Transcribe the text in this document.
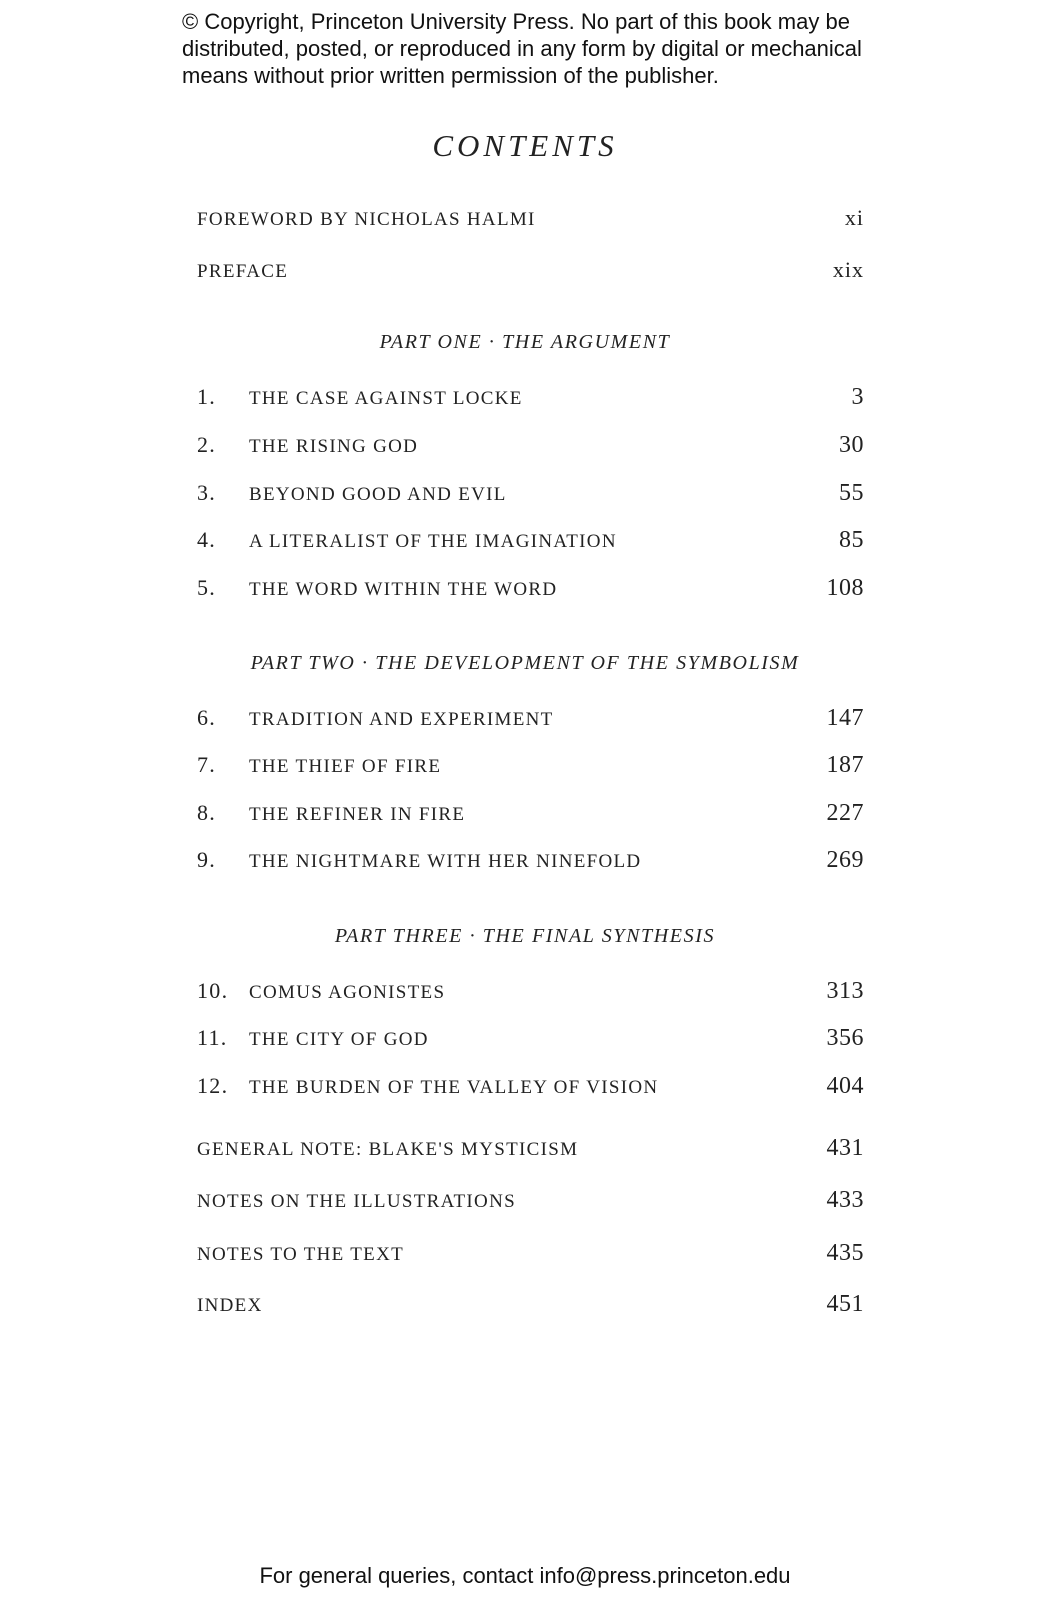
© Copyright, Princeton University Press. No part of this book may be
distributed, posted, or reproduced in any form by digital or mechanical
means without prior written permission of the publisher.
CONTENTS
FOREWORD BY NICHOLAS HALMI	xi
PREFACE	xix
PART ONE · THE ARGUMENT
1.	THE CASE AGAINST LOCKE	3
2.	THE RISING GOD	30
3.	BEYOND GOOD AND EVIL	55
4.	A LITERALIST OF THE IMAGINATION	85
5.	THE WORD WITHIN THE WORD	108
PART TWO · THE DEVELOPMENT OF THE SYMBOLISM
6.	TRADITION AND EXPERIMENT	147
7.	THE THIEF OF FIRE	187
8.	THE REFINER IN FIRE	227
9.	THE NIGHTMARE WITH HER NINEFOLD	269
PART THREE · THE FINAL SYNTHESIS
10.	COMUS AGONISTES	313
11.	THE CITY OF GOD	356
12.	THE BURDEN OF THE VALLEY OF VISION	404
GENERAL NOTE: BLAKE'S MYSTICISM	431
NOTES ON THE ILLUSTRATIONS	433
NOTES TO THE TEXT	435
INDEX	451
For general queries, contact info@press.princeton.edu
